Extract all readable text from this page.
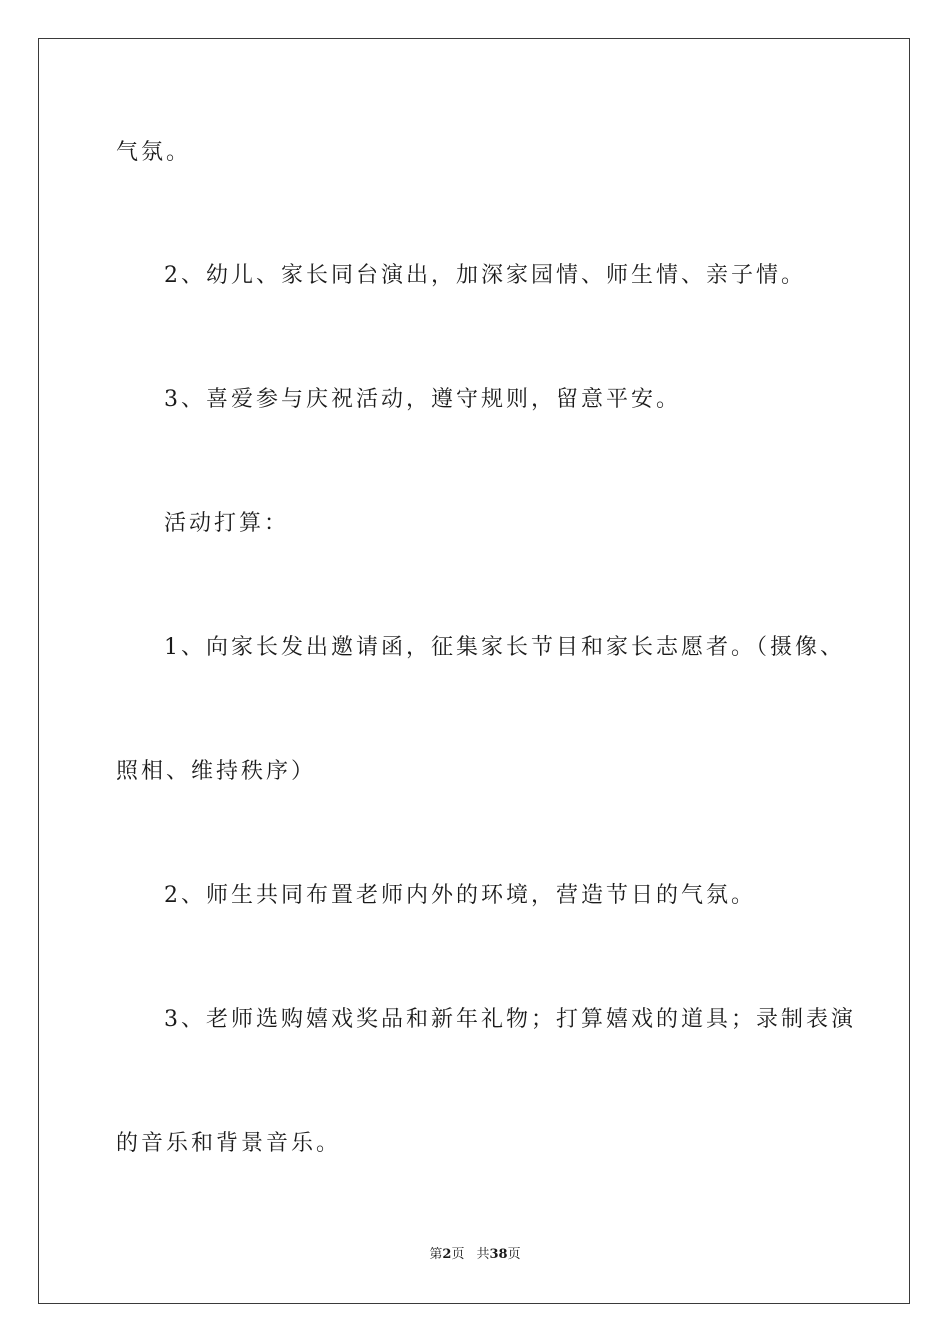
气氛。
2、幼儿、家长同台演出，加深家园情、师生情、亲子情。
3、喜爱参与庆祝活动，遵守规则，留意平安。
活动打算：
1、向家长发出邀请函，征集家长节目和家长志愿者。（摄像、
照相、维持秩序）
2、师生共同布置老师内外的环境，营造节日的气氛。
3、老师选购嬉戏奖品和新年礼物；打算嬉戏的道具；录制表演
的音乐和背景音乐。
第2页 共38页
